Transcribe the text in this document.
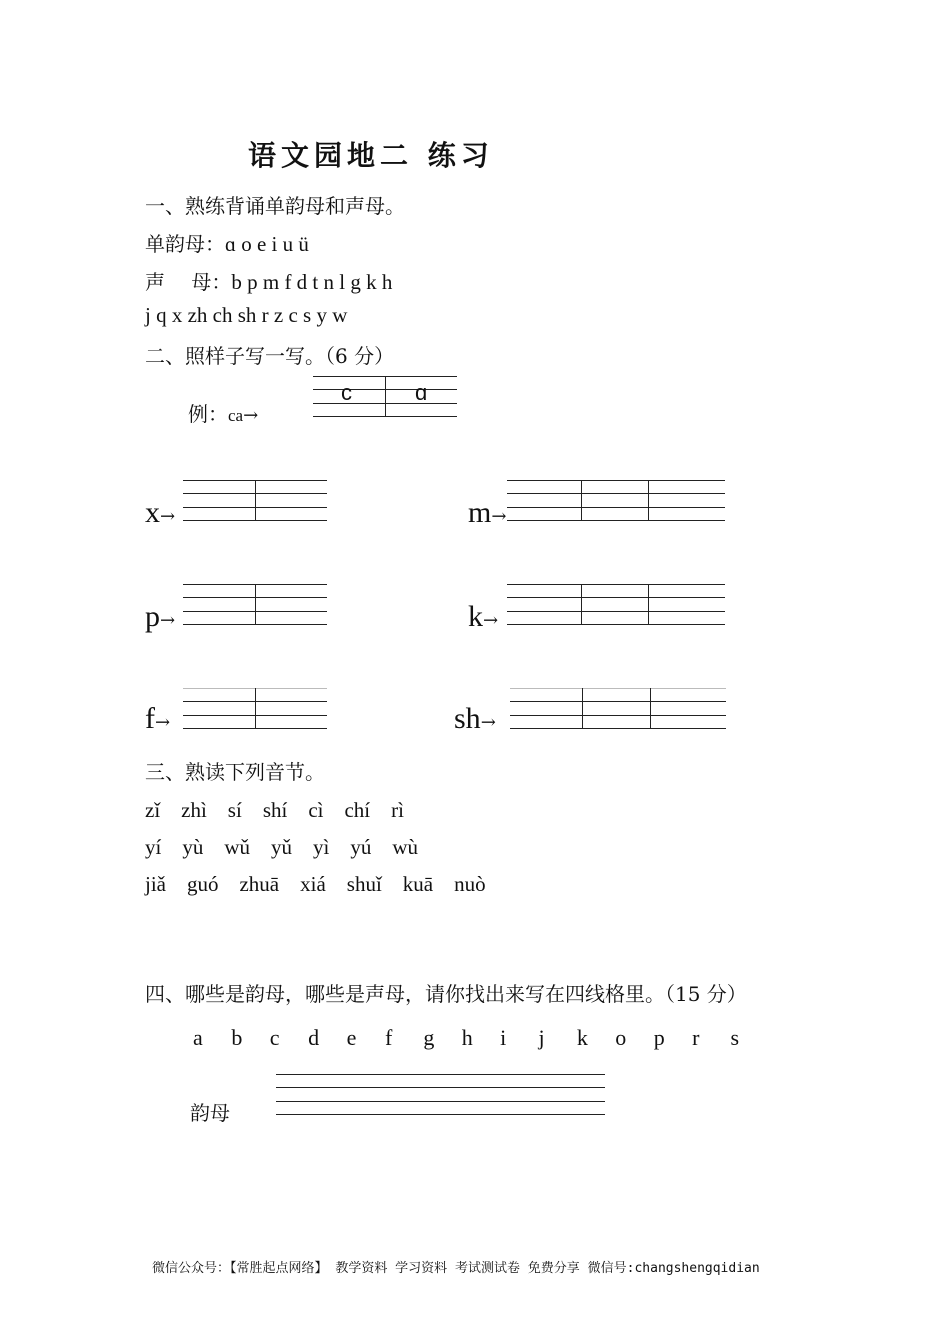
语文园地二 练习
一、熟练背诵单韵母和声母。
单韵母：ɑ o e i u ü
声　 母：b p m f d t n l g k h
j q x zh ch sh r z c s y w
二、照样子写一写。（6 分）
例：ca→
c	ɑ
x→	m→
p→	k→
f→	sh→
三、熟读下列音节。
zǐ　zhì　sí　shí　cì　chí　rì
yí　yù　wǔ　yǔ　yì　yú　wù
jiǎ　guó　zhuā　xiá　shuǐ　kuā　nuò
四、哪些是韵母，哪些是声母，请你找出来写在四线格里。（15 分）
a b c d e f g h i j k o p r s
韵母
微信公众号：【常胜起点网络】 教学资料 学习资料 考试测试卷 免费分享 微信号:changshengqidian
